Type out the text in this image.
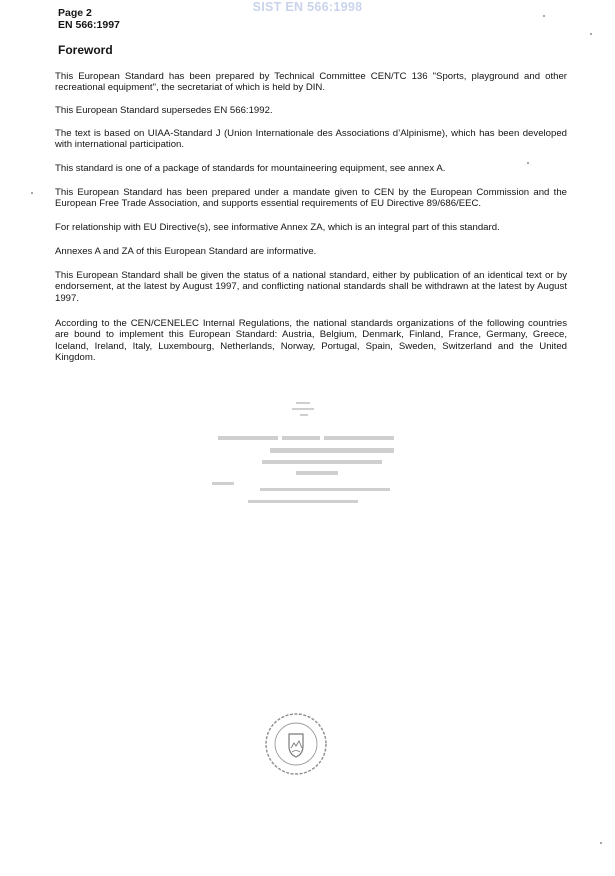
SIST EN 566:1998
Page 2
EN 566:1997
Foreword

This European Standard has been prepared by Technical Committee CEN/TC 136 "Sports, playground and other recreational equipment", the secretariat of which is held by DIN.

This European Standard supersedes EN 566:1992.

The text is based on UIAA-Standard J (Union Internationale des Associations d’Alpinisme), which has been developed with international participation.

This standard is one of a package of standards for mountaineering equipment, see annex A.

This European Standard has been prepared under a mandate given to CEN by the European Commission and the European Free Trade Association, and supports essential requirements of EU Directive 89/686/EEC.

For relationship with EU Directive(s), see informative Annex ZA, which is an integral part of this standard.

Annexes A and ZA of this European Standard are informative.

This European Standard shall be given the status of a national standard, either by publication of an identical text or by endorsement, at the latest by August 1997, and conflicting national standards shall be withdrawn at the latest by August 1997.

According to the CEN/CENELEC Internal Regulations, the national standards organizations of the following countries are bound to implement this European Standard: Austria, Belgium, Denmark, Finland, France, Germany, Greece, Iceland, Ireland, Italy, Luxembourg, Netherlands, Norway, Portugal, Spain, Sweden, Switzerland and the United Kingdom.
